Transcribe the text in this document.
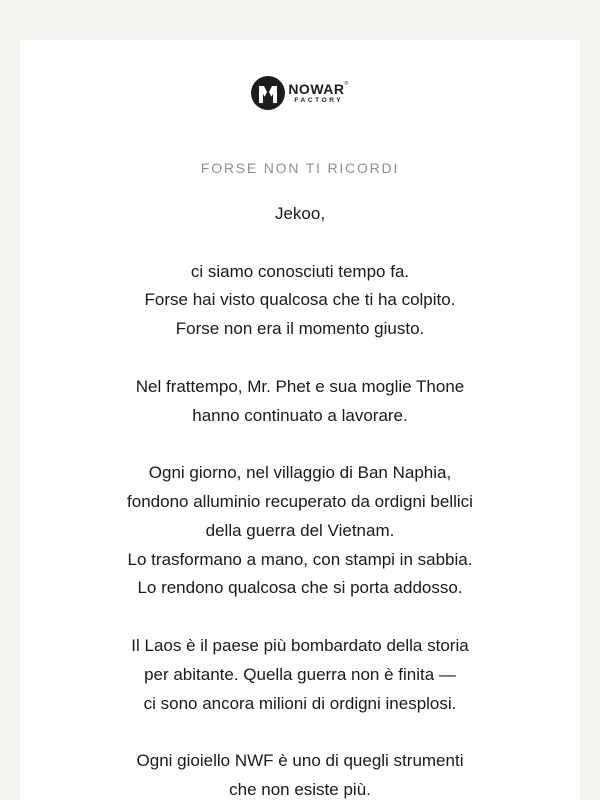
NOWAR®
FACTORY
FORSE NON TI RICORDI

Jekoo,

ci siamo conosciuti tempo fa.
Forse hai visto qualcosa che ti ha colpito.
Forse non era il momento giusto.

Nel frattempo, Mr. Phet e sua moglie Thone
hanno continuato a lavorare.

Ogni giorno, nel villaggio di Ban Naphia,
fondono alluminio recuperato da ordigni bellici
della guerra del Vietnam.
Lo trasformano a mano, con stampi in sabbia.
Lo rendono qualcosa che si porta addosso.

Il Laos è il paese più bombardato della storia
per abitante. Quella guerra non è finita —
ci sono ancora milioni di ordigni inesplosi.

Ogni gioiello NWF è uno di quegli strumenti
che non esiste più.
